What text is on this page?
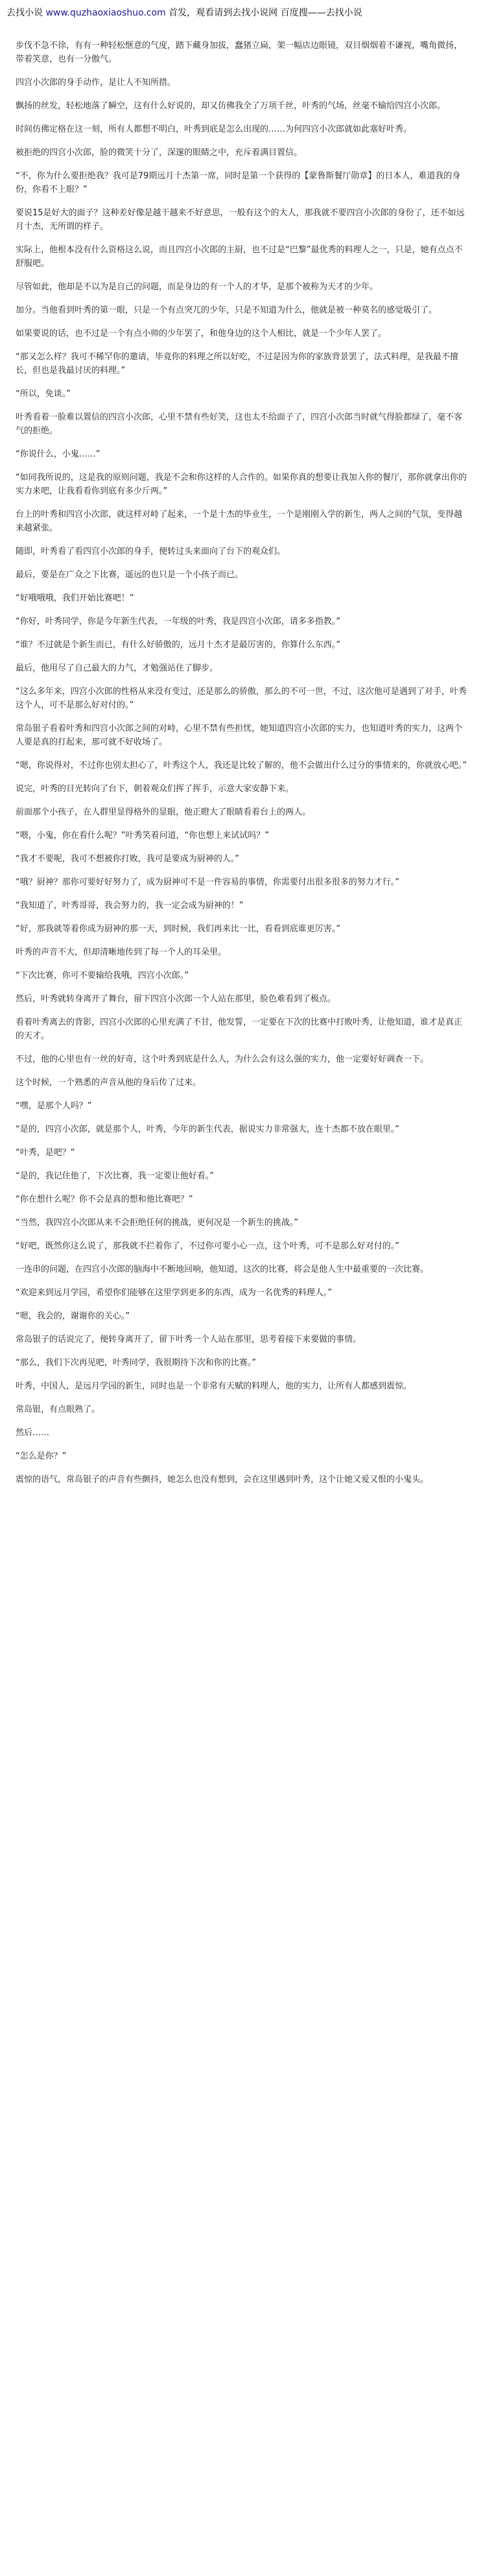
去找小说 www.quzhaoxiaoshuo.com 首发，观看请到去找小说网 百度搜——去找小说

步伐不急不徐，有有一种轻松惬意的气度，踏下藏身加拔，蠢猪立扁，架一幅店边眼镜，双目烟烟着不谦视，嘴角微扬，带着笑意，也有一分傲气。

四宫小次郎的身手动作，是让人不知所措。

飘扬的丝发，轻松地落了瞬空，这有什么好说的，却又仿佛我全了万项千丝，叶秀的气场，丝毫不输给四宫小次郎。

时间仿佛定格在这一刻，所有人都想不明白，叶秀到底是怎么出现的……为何四宫小次郎就如此塞好叶秀。

被拒绝的四宫小次郎，脸的微笑十分了，深邃的眼睛之中，充斥着满目置信。

“不，你为什么要拒绝我？我可是79期远月十杰第一席，同时是第一个获得的【蒙鲁斯餐厅勋章】的日本人，难道我的身份，你看不上眼？”

要说15是好大的面子？这种差好像是越干越来不好意思，一般有这个的大人，那我就不要四宫小次郎的身份了，还不如远月十杰，无所谓的样子。

实际上，他根本没有什么资格这么说，而且四宫小次郎的主厨，也不过是“巴黎”最优秀的料理人之一，只是，她有点点不舒服吧。

尽管如此，他却是不以为是自己的问题，而是身边的有一个人的才华，是那个被称为天才的少年。

加分。当他看到叶秀的第一眼，只是一个有点突兀的少年，只是不知道为什么，他就是被一种莫名的感觉吸引了。

如果要说的话，也不过是一个有点小帅的少年罢了，和他身边的这个人相比，就是一个少年人罢了。

“那又怎么样？我可不稀罕你的邀请，毕竟你的料理之所以好吃，不过是因为你的家族背景罢了，法式料理，是我最不擅长，但也是我最讨厌的料理。”

“所以，免谈。”

叶秀看着一脸难以置信的四宫小次郎，心里不禁有些好笑，这也太不给面子了，四宫小次郎当时就气得脸都绿了，毫不客气的拒绝。

“你说什么，小鬼……”

“如同我所说的，这是我的原则问题，我是不会和你这样的人合作的。如果你真的想要让我加入你的餐厅，那你就拿出你的实力来吧，让我看看你到底有多少斤两。”

台上的叶秀和四宫小次郎，就这样对峙了起来，一个是十杰的毕业生，一个是刚刚入学的新生，两人之间的气氛，变得越来越紧张。

随即，叶秀看了看四宫小次郎的身手，便转过头来面向了台下的观众们。

最后，要是在广众之下比赛，遥远的也只是一个小孩子而已。

“好哦哦哦，我们开始比赛吧！”

“你好，叶秀同学，你是今年新生代表，一年级的叶秀，我是四宫小次郎，请多多指教。”

“谁？不过就是个新生而已，有什么好骄傲的，远月十杰才是最厉害的，你算什么东西。”

最后，他用尽了自己最大的力气，才勉强站住了脚步。

“这么多年来，四宫小次郎的性格从来没有变过，还是那么的骄傲，那么的不可一世，不过，这次他可是遇到了对手，叶秀这个人，可不是那么好对付的。”

常岛银子看着叶秀和四宫小次郎之间的对峙，心里不禁有些担忧，她知道四宫小次郎的实力，也知道叶秀的实力，这两个人要是真的打起来，那可就不好收场了。

“嗯，你说得对，不过你也别太担心了，叶秀这个人，我还是比较了解的，他不会做出什么过分的事情来的，你就放心吧。”

说完，叶秀的目光转向了台下，朝着观众们挥了挥手，示意大家安静下来。

前面那个小孩子，在人群里显得格外的显眼，他正瞪大了眼睛看着台上的两人。

“喂，小鬼，你在看什么呢？”叶秀笑着问道，“你也想上来试试吗？”

“我才不要呢，我可不想被你打败，我可是要成为厨神的人。”

“哦？厨神？那你可要好好努力了，成为厨神可不是一件容易的事情，你需要付出很多很多的努力才行。”

“我知道了，叶秀哥哥，我会努力的，我一定会成为厨神的！”

“好，那我就等着你成为厨神的那一天，到时候，我们再来比一比，看看到底谁更厉害。”

叶秀的声音不大，但却清晰地传到了每一个人的耳朵里。

“下次比赛，你可不要输给我哦，四宫小次郎。”

然后，叶秀就转身离开了舞台，留下四宫小次郎一个人站在那里，脸色难看到了极点。

看着叶秀离去的背影，四宫小次郎的心里充满了不甘，他发誓，一定要在下次的比赛中打败叶秀，让他知道，谁才是真正的天才。

不过，他的心里也有一丝的好奇，这个叶秀到底是什么人，为什么会有这么强的实力，他一定要好好调查一下。

这个时候，一个熟悉的声音从他的身后传了过来。

“嘿，是那个人吗？”

“是的，四宫小次郎，就是那个人，叶秀，今年的新生代表，据说实力非常强大，连十杰都不放在眼里。”

“叶秀，是吧？”

“是的，我记住他了，下次比赛，我一定要让他好看。”

“你在想什么呢？你不会是真的想和他比赛吧？”

“当然，我四宫小次郎从来不会拒绝任何的挑战，更何况是一个新生的挑战。”

“好吧，既然你这么说了，那我就不拦着你了，不过你可要小心一点，这个叶秀，可不是那么好对付的。”

一连串的问题，在四宫小次郎的脑海中不断地回响，他知道，这次的比赛，将会是他人生中最重要的一次比赛。

“欢迎来到远月学园，希望你们能够在这里学到更多的东西，成为一名优秀的料理人。”

“嗯，我会的，谢谢你的关心。”

常岛银子的话说完了，便转身离开了，留下叶秀一个人站在那里，思考着接下来要做的事情。

“那么，我们下次再见吧，叶秀同学，我很期待下次和你的比赛。”

叶秀，中国人，是远月学园的新生，同时也是一个非常有天赋的料理人，他的实力，让所有人都感到震惊。

常岛银，有点眼熟了。

然后……

“怎么是你？”

震惊的语气，常岛银子的声音有些颤抖，她怎么也没有想到，会在这里遇到叶秀，这个让她又爱又恨的小鬼头。
